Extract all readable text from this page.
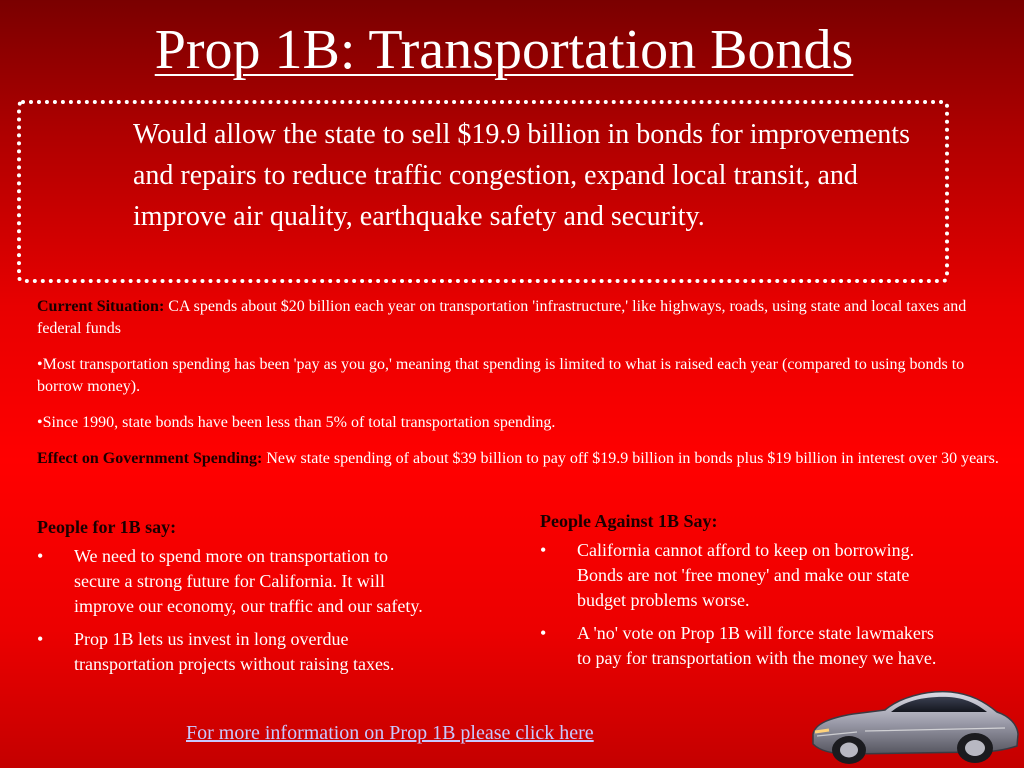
Prop 1B: Transportation Bonds
Would allow the state to sell $19.9 billion in bonds for improvements and repairs to reduce traffic congestion, expand local transit, and improve air quality, earthquake safety and security.

Current Situation: CA spends about $20 billion each year on transportation 'infrastructure,' like highways, roads, using state and local taxes and federal funds

•Most transportation spending has been 'pay as you go,' meaning that spending is limited to what is raised each year (compared to using bonds to borrow money).

•Since 1990, state bonds have been less than 5% of total transportation spending.

Effect on Government Spending: New state spending of about $39 billion to pay off $19.9 billion in bonds plus $19 billion in interest over 30 years.

People for 1B say:
• We need to spend more on transportation to secure a strong future for California. It will improve our economy, our traffic and our safety.
• Prop 1B lets us invest in long overdue transportation projects without raising taxes.
People Against 1B Say:
• California cannot afford to keep on borrowing. Bonds are not 'free money' and make our state budget problems worse.
• A 'no' vote on Prop 1B will force state lawmakers to pay for transportation with the money we have.
For more information on Prop 1B please click here
